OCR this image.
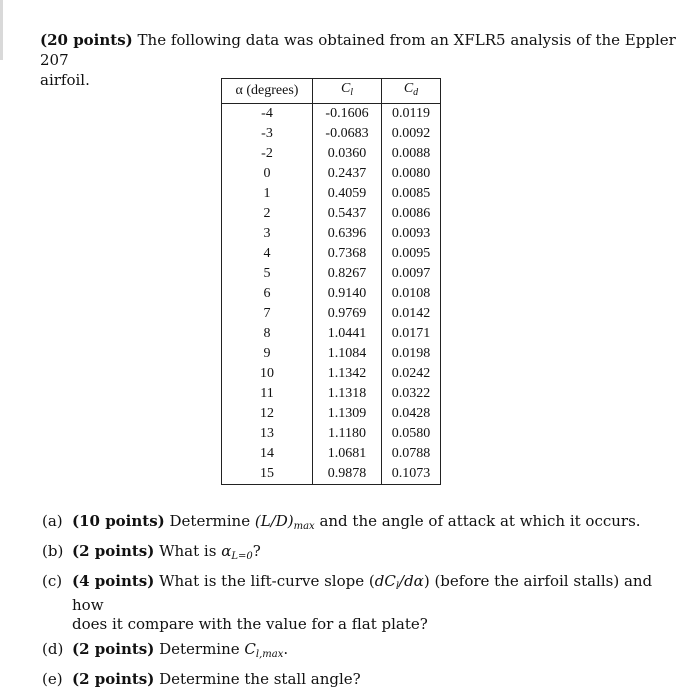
(20 points) The following data was obtained from an XFLR5 analysis of the Eppler 207
airfoil.
α (degrees)	$C_l$	$C_d$
-4	-0.1606	0.0119
-3	-0.0683	0.0092
-2	0.0360	0.0088
0	0.2437	0.0080
1	0.4059	0.0085
2	0.5437	0.0086
3	0.6396	0.0093
4	0.7368	0.0095
5	0.8267	0.0097
6	0.9140	0.0108
7	0.9769	0.0142
8	1.0441	0.0171
9	1.1084	0.0198
10	1.1342	0.0242
11	1.1318	0.0322
12	1.1309	0.0428
13	1.1180	0.0580
14	1.0681	0.0788
15	0.9878	0.1073
(a) (10 points) Determine $(L/D)_{max}$ and the angle of attack at which it occurs.
(b) (2 points) What is $\alpha_{L=0}$?
(c) (4 points) What is the lift-curve slope $(dC_l/d\alpha)$ (before the airfoil stalls) and how
does it compare with the value for a flat plate?
(d) (2 points) Determine $C_{l,max}$.
(e) (2 points) Determine the stall angle?
